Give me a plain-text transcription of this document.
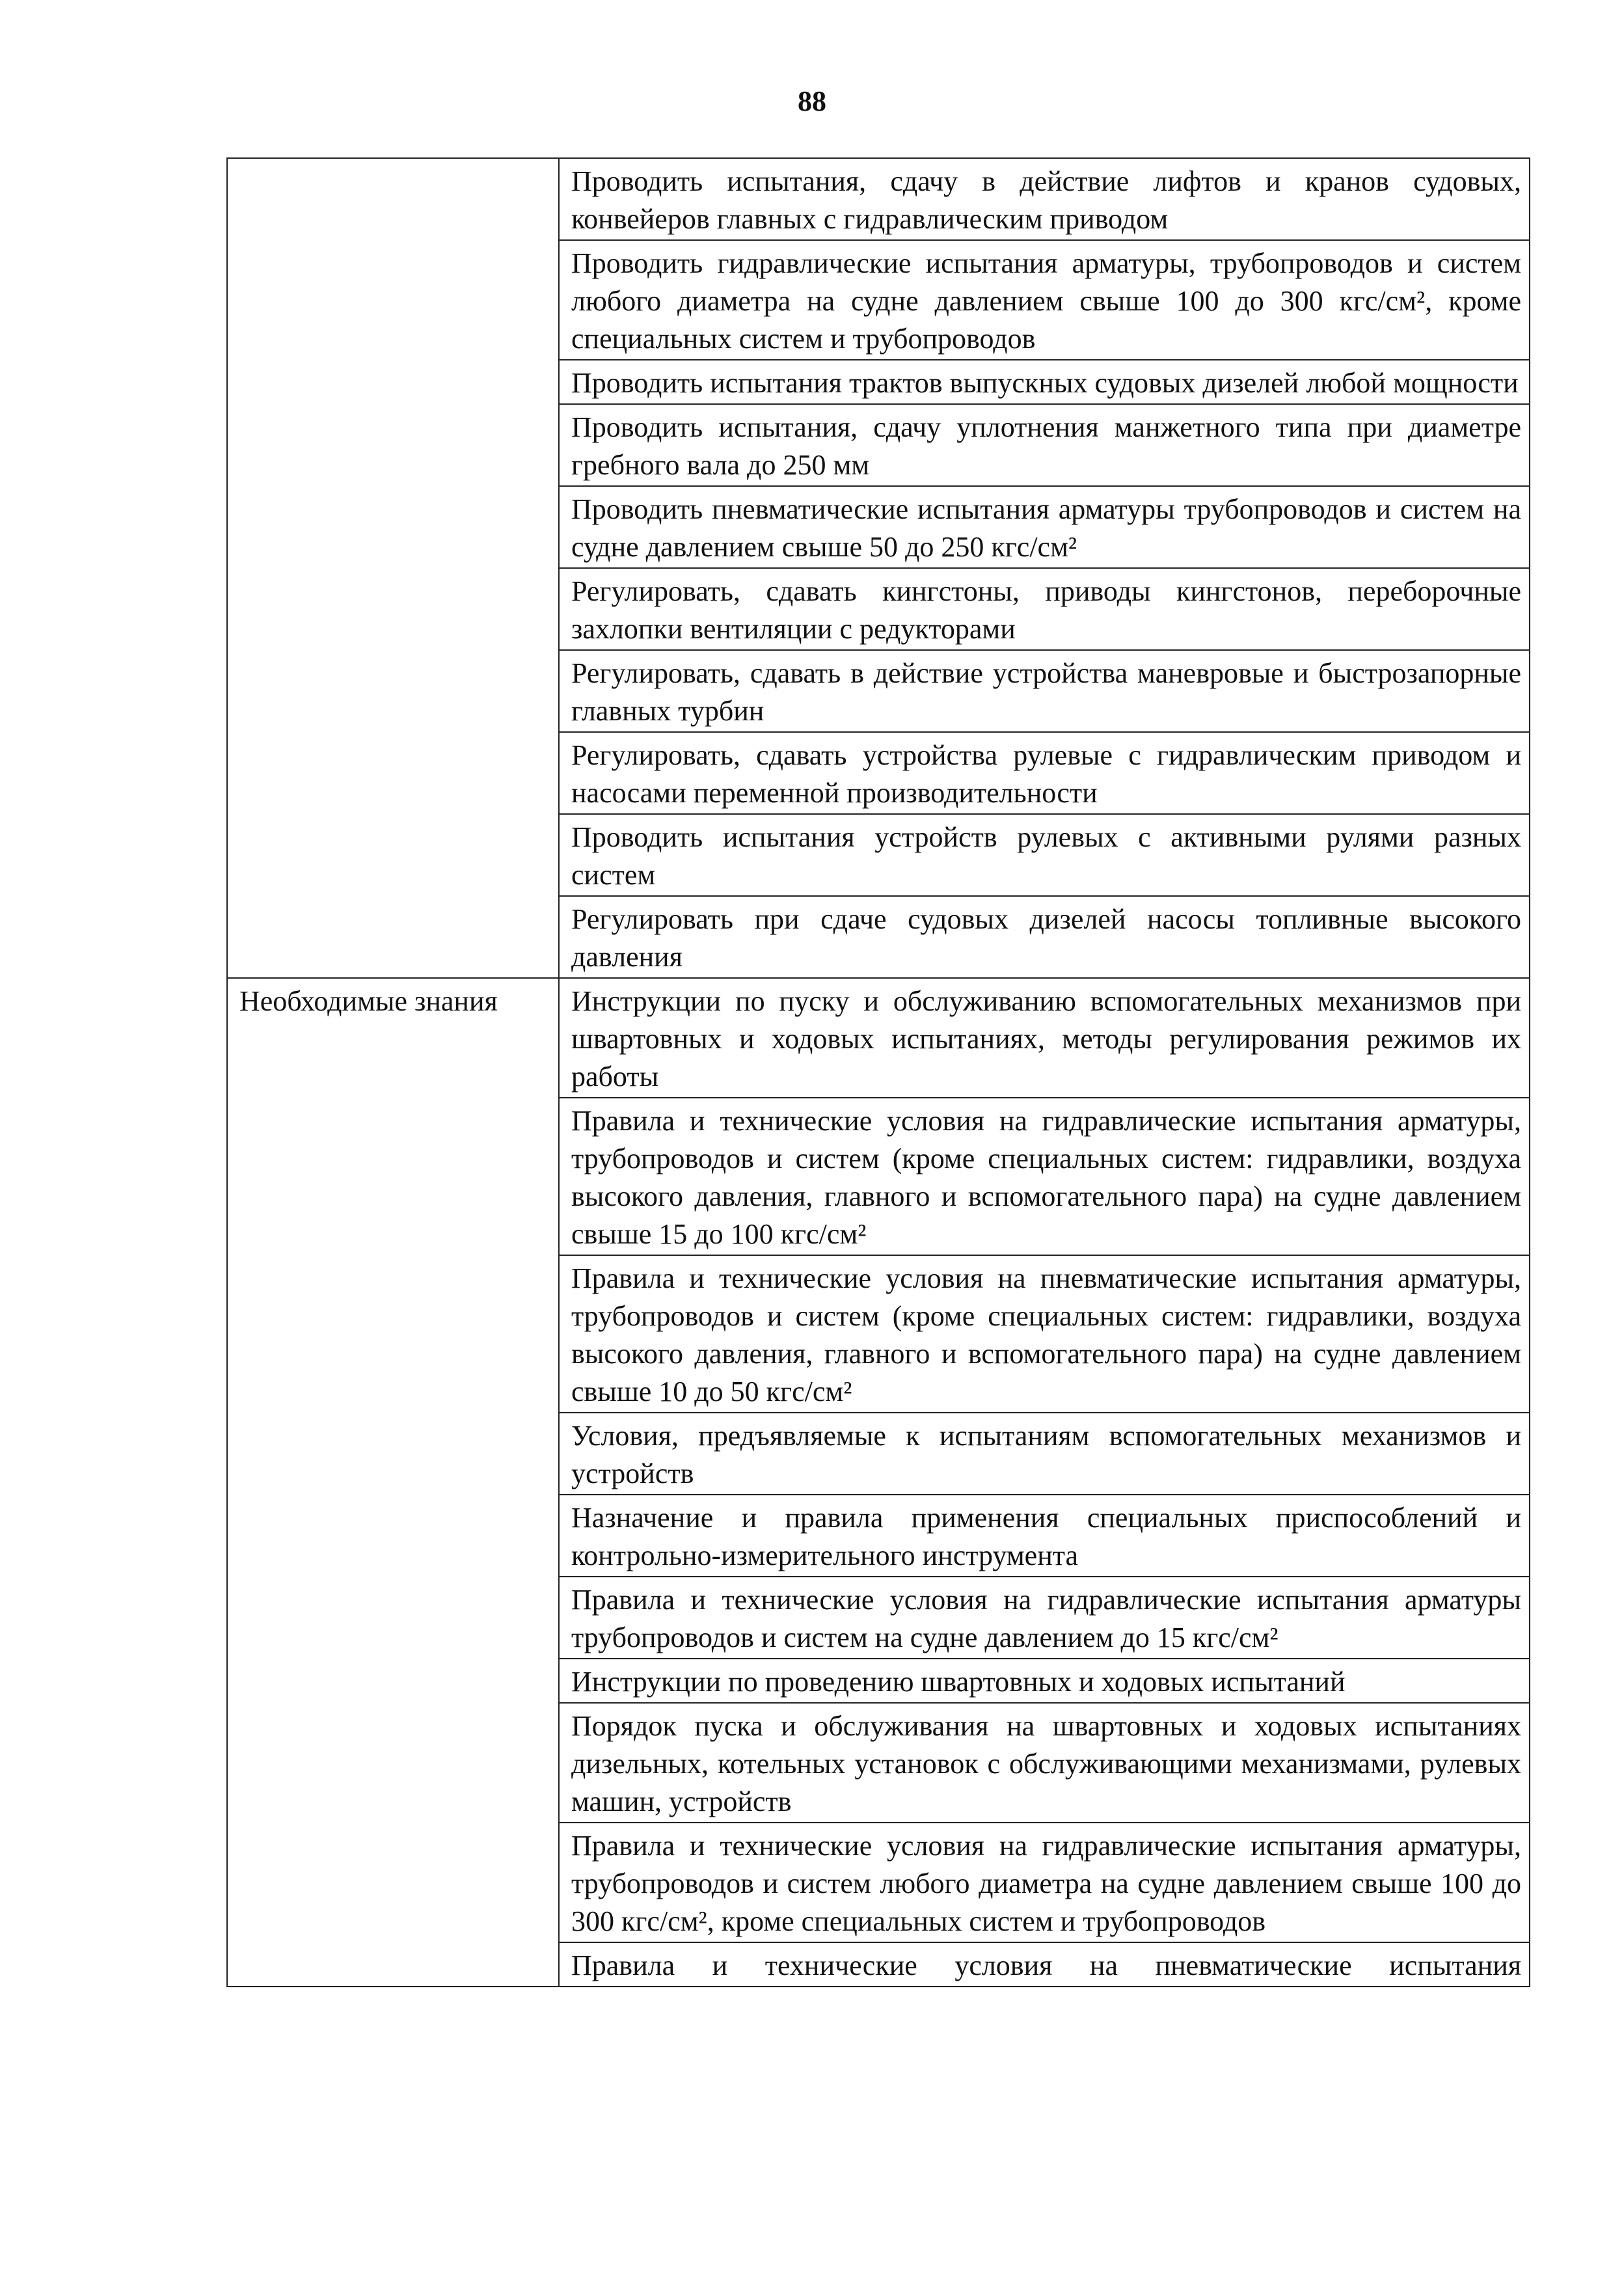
88
	Проводить испытания, сдачу в действие лифтов и кранов судовых, конвейеров главных с гидравлическим приводом
	Проводить гидравлические испытания арматуры, трубопроводов и систем любого диаметра на судне давлением свыше 100 до 300 кгс/см², кроме специальных систем и трубопроводов
	Проводить испытания трактов выпускных судовых дизелей любой мощности
	Проводить испытания, сдачу уплотнения манжетного типа при диаметре гребного вала до 250 мм
	Проводить пневматические испытания арматуры трубопроводов и систем на судне давлением свыше 50 до 250 кгс/см²
	Регулировать, сдавать кингстоны, приводы кингстонов, переборочные захлопки вентиляции с редукторами
	Регулировать, сдавать в действие устройства маневровые и быстрозапорные главных турбин
	Регулировать, сдавать устройства рулевые с гидравлическим приводом и насосами переменной производительности
	Проводить испытания устройств рулевых с активными рулями разных систем
	Регулировать при сдаче судовых дизелей насосы топливные высокого давления
Необходимые знания	Инструкции по пуску и обслуживанию вспомогательных механизмов при швартовных и ходовых испытаниях, методы регулирования режимов их работы
	Правила и технические условия на гидравлические испытания арматуры, трубопроводов и систем (кроме специальных систем: гидравлики, воздуха высокого давления, главного и вспомогательного пара) на судне давлением свыше 15 до 100 кгс/см²
	Правила и технические условия на пневматические испытания арматуры, трубопроводов и систем (кроме специальных систем: гидравлики, воздуха высокого давления, главного и вспомогательного пара) на судне давлением свыше 10 до 50 кгс/см²
	Условия, предъявляемые к испытаниям вспомогательных механизмов и устройств
	Назначение и правила применения специальных приспособлений и контрольно-измерительного инструмента
	Правила и технические условия на гидравлические испытания арматуры трубопроводов и систем на судне давлением до 15 кгс/см²
	Инструкции по проведению швартовных и ходовых испытаний
	Порядок пуска и обслуживания на швартовных и ходовых испытаниях дизельных, котельных установок с обслуживающими механизмами, рулевых машин, устройств
	Правила и технические условия на гидравлические испытания арматуры, трубопроводов и систем любого диаметра на судне давлением свыше 100 до 300 кгс/см², кроме специальных систем и трубопроводов
	Правила и технические условия на пневматические испытания
